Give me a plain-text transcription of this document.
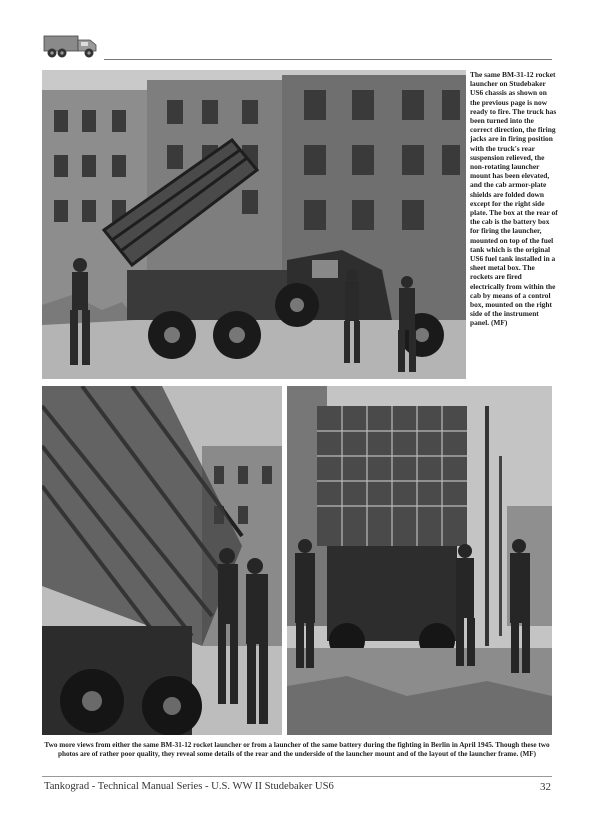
The same BM-31-12 rocket launcher on Studebaker US6 chassis as shown on the previous page is now ready to fire. The truck has been turned into the correct direction, the firing jacks are in firing position with the truck's rear suspension relieved, the non-rotating launcher mount has been elevated, and the cab armor-plate shields are folded down except for the right side plate. The box at the rear of the cab is the battery box for firing the launcher, mounted on top of the fuel tank which is the original US6 fuel tank installed in a sheet metal box. The rockets are fired electrically from within the cab by means of a control box, mounted on the right side of the instrument panel. (MF)

Two more views from either the same BM-31-12 rocket launcher or from a launcher of the same battery during the fighting in Berlin in April 1945. Though these two photos are of rather poor quality, they reveal some details of the rear and the underside of the launcher mount and of the layout of the launcher frame. (MF)

Tankograd - Technical Manual Series - U.S. WW II Studebaker US6	32
